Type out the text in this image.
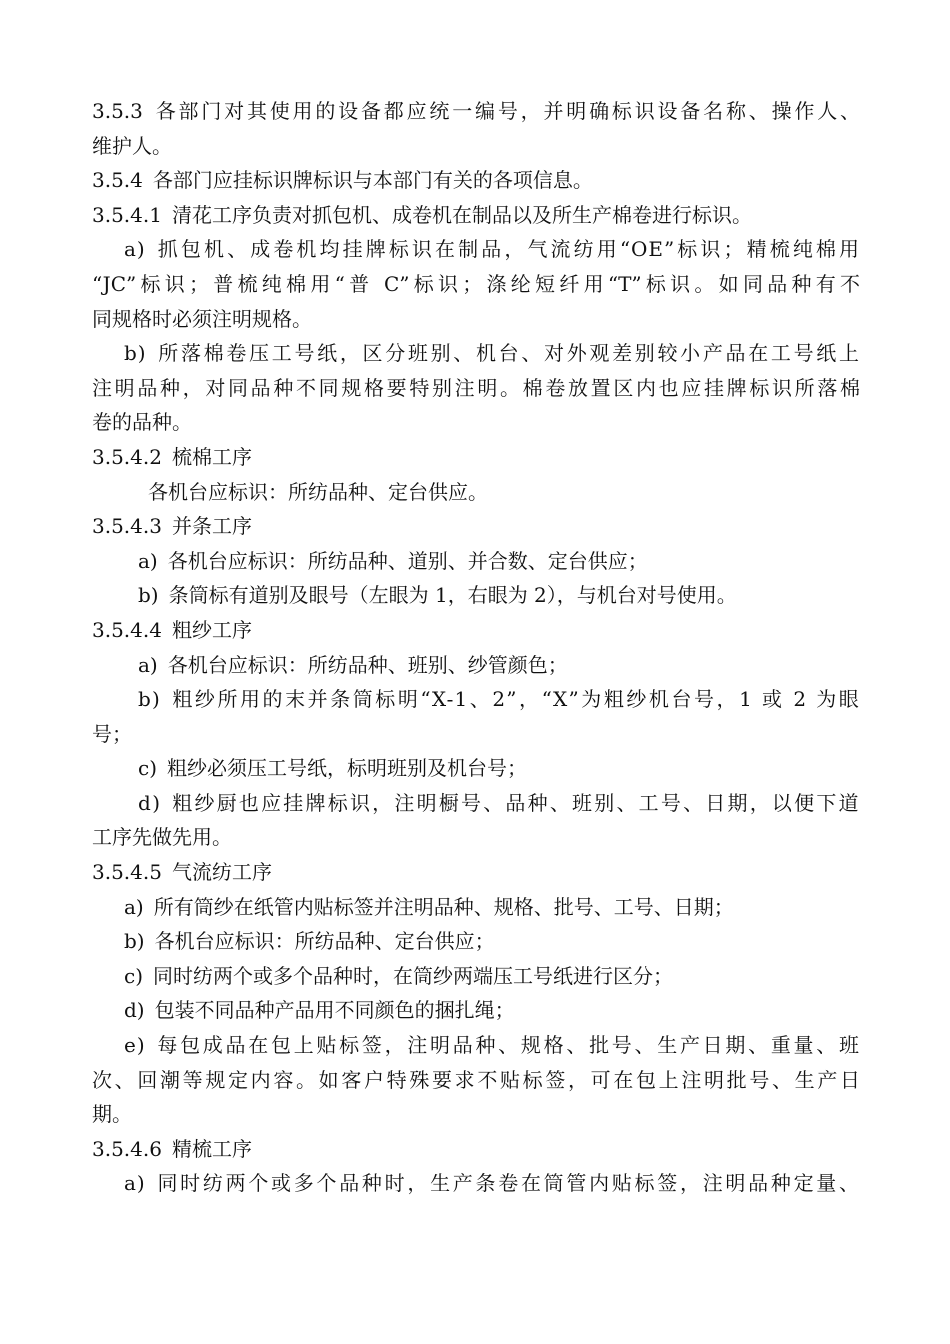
3.5.3 各部门对其使用的设备都应统一编号，并明确标识设备名称、操作人、
维护人。
3.5.4 各部门应挂标识牌标识与本部门有关的各项信息。
3.5.4.1 清花工序负责对抓包机、成卷机在制品以及所生产棉卷进行标识。
a) 抓包机、成卷机均挂牌标识在制品，气流纺用“OE”标识；精梳纯棉用
“JC”标识；普梳纯棉用“普 C”标识；涤纶短纤用“T”标识。如同品种有不
同规格时必须注明规格。
b) 所落棉卷压工号纸，区分班别、机台、对外观差别较小产品在工号纸上
注明品种，对同品种不同规格要特别注明。棉卷放置区内也应挂牌标识所落棉
卷的品种。
3.5.4.2 梳棉工序
各机台应标识：所纺品种、定台供应。
3.5.4.3 并条工序
a) 各机台应标识：所纺品种、道别、并合数、定台供应；
b) 条筒标有道别及眼号（左眼为 1，右眼为 2），与机台对号使用。
3.5.4.4 粗纱工序
a) 各机台应标识：所纺品种、班别、纱管颜色；
b) 粗纱所用的末并条筒标明“X-1、2”，“X”为粗纱机台号，1 或 2 为眼
号；
c) 粗纱必须压工号纸，标明班别及机台号；
d) 粗纱厨也应挂牌标识，注明橱号、品种、班别、工号、日期，以便下道
工序先做先用。
3.5.4.5 气流纺工序
a) 所有筒纱在纸管内贴标签并注明品种、规格、批号、工号、日期；
b) 各机台应标识：所纺品种、定台供应；
c) 同时纺两个或多个品种时，在筒纱两端压工号纸进行区分；
d) 包装不同品种产品用不同颜色的捆扎绳；
e) 每包成品在包上贴标签，注明品种、规格、批号、生产日期、重量、班
次、回潮等规定内容。如客户特殊要求不贴标签，可在包上注明批号、生产日
期。
3.5.4.6 精梳工序
a) 同时纺两个或多个品种时，生产条卷在筒管内贴标签，注明品种定量、
